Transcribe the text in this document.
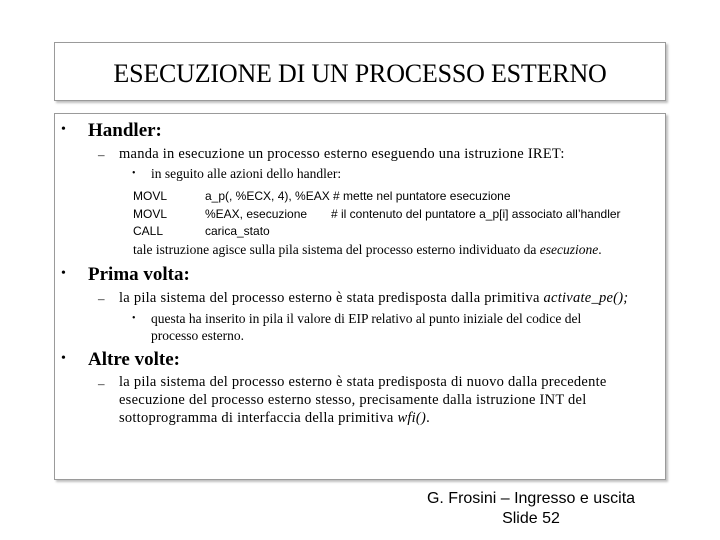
ESECUZIONE DI UN PROCESSO ESTERNO
• Handler:
– manda in esecuzione un processo esterno eseguendo una istruzione IRET:
• in seguito alle azioni dello handler:
MOVL	a_p(, %ECX, 4), %EAX # mette nel puntatore esecuzione
MOVL	%EAX, esecuzione # il contenuto del puntatore a_p[i] associato all’handler
CALL	carica_stato
tale istruzione agisce sulla pila sistema del processo esterno individuato da esecuzione.
• Prima volta:
– la pila sistema del processo esterno è stata predisposta dalla primitiva activate_pe();
• questa ha inserito in pila il valore di EIP relativo al punto iniziale del codice del
processo esterno.
• Altre volte:
– la pila sistema del processo esterno è stata predisposta di nuovo dalla precedente
esecuzione del processo esterno stesso, precisamente dalla istruzione INT del
sottoprogramma di interfaccia della primitiva wfi().
G. Frosini – Ingresso e uscita
Slide 52
